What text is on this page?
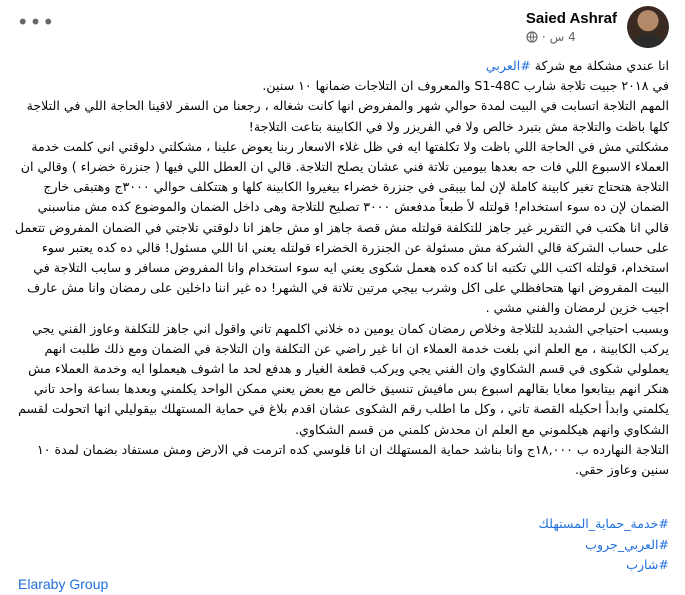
•••	Saied Ashraf
4 س
·

انا عندي مشكلة مع شركة #العربي

في ٢٠١٨ جبيت تلاجة شارب S1-48C والمعروف ان التلاجات ضمانها ١٠ سنين.

المهم التلاجة اتسابت في البيت لمدة حوالي شهر والمفروض انها كانت شغاله ، رجعنا من السفر لاقينا الحاجة اللي في التلاجة كلها باظت والتلاجة مش بتبرد خالص ولا في الفريزر ولا في الكابينة بتاعت التلاجة!

مشكلتي مش في الحاجة اللي باظت ولا تكلفتها ايه في ظل غلاء الاسعار ربنا يعوض علينا ، مشكلتي دلوقتي اني كلمت خدمة العملاء الاسبوع اللي فات جه بعدها بيومين تلاتة فني عشان يصلح التلاجة. قالي ان العطل اللي فيها ( جنزرة خضراء ) وقالي ان التلاجة هتحتاج تغير كابينة كاملة لإن لما بيبقى في جنزرة خضراء بيغيروا الكابينة كلها و هتتكلف حوالي ٣٠٠٠ج وهتبقى خارج الضمان لإن ده سوء استخدام! قولتله لأ طبعاً مدفعش ٣٠٠٠ تصليح للتلاجة وهى داخل الضمان والموضوع كده مش مناسبني قالي انا هكتب في التقرير غير جاهز للتكلفة قولتله مش قصة جاهز او مش جاهز انا دلوقتي تلاجتي في الضمان المفروض تتعمل على حساب الشركة قالي الشركة مش مسئولة عن الجنزرة الخضراء قولتله يعني انا اللي مسئول! قالي ده كده يعتبر سوء استخدام، قولتله اكتب اللي تكتبه انا كده كده هعمل شكوى يعني ايه سوء استخدام وانا المفروض مسافر و سايب التلاجة في البيت المفروض انها هتحافظلي على اكل وشرب بيجي مرتين تلاتة في الشهر! ده غير اننا داخلين على رمضان وانا مش عارف اجيب خزين لرمضان والفني مشي .

وبسبب احتياجي الشديد للتلاجة وخلاص رمضان كمان يومين ده خلاني اكلمهم تاني واقول اني جاهز للتكلفة وعاوز الفني يجي يركب الكابينة ، مع العلم اني بلغت خدمة العملاء ان انا غير راضي عن التكلفة وان التلاجة في الضمان ومع ذلك طلبت انهم يعملولي شكوى في قسم الشكاوي وان الفني يجي ويركب قطعة الغيار و هدفع لحد ما اشوف هيعملوا ايه وخدمة العملاء مش هنكر انهم بيتابعوا معايا بقالهم اسبوع بس مافيش تنسيق خالص مع بعض يعني ممكن الواحد يكلمني وبعدها بساعة واحد تاني يكلمني وابدأ احكيله القصة تاني ، وكل ما اطلب رقم الشكوى عشان اقدم بلاغ في حماية المستهلك بيقوليلي انها اتحولت لقسم الشكاوي وانهم هيكلموني مع العلم ان محدش كلمني من قسم الشكاوي.

التلاجة النهارده ب ١٨,٠٠٠ج وانا بناشد حماية المستهلك ان انا فلوسي كده اترمت في الارض ومش مستفاد بضمان لمدة ١٠ سنين وعاوز حقي.

#خدمة_حماية_المستهلك
#العربي_جروب
#شارب
Elaraby Group
